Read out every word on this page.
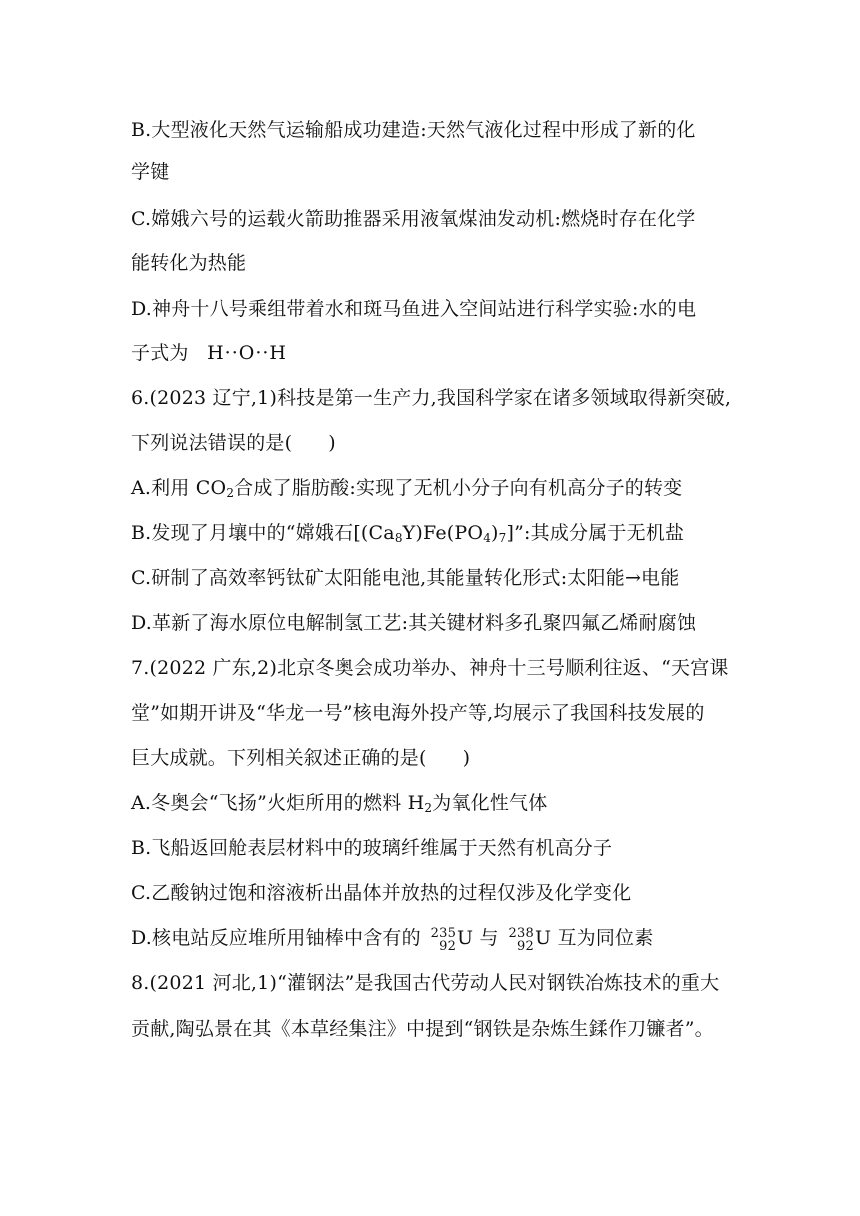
B.大型液化天然气运输船成功建造:天然气液化过程中形成了新的化
学键
C.嫦娥六号的运载火箭助推器采用液氧煤油发动机:燃烧时存在化学
能转化为热能
D.神舟十八号乘组带着水和斑马鱼进入空间站进行科学实验:水的电
子式为 H··O··H
6.(2023 辽宁,1)科技是第一生产力,我国科学家在诸多领域取得新突破,
下列说法错误的是( )
A.利用 $CO_2$合成了脂肪酸:实现了无机小分子向有机高分子的转变
B.发现了月壤中的“嫦娥石$[(Ca_8Y)Fe(PO_4)_7]$”:其成分属于无机盐
C.研制了高效率钙钛矿太阳能电池,其能量转化形式:太阳能→电能
D.革新了海水原位电解制氢工艺:其关键材料多孔聚四氟乙烯耐腐蚀
7.(2022 广东,2)北京冬奥会成功举办、神舟十三号顺利往返、“天宫课
堂”如期开讲及“华龙一号”核电海外投产等,均展示了我国科技发展的
巨大成就。下列相关叙述正确的是( )
A.冬奥会“飞扬”火炬所用的燃料 $H_2$为氧化性气体
B.飞船返回舱表层材料中的玻璃纤维属于天然有机高分子
C.乙酸钠过饱和溶液析出晶体并放热的过程仅涉及化学变化
D.核电站反应堆所用铀棒中含有的 235
92 U 与 238
92 U 互为同位素
8.(2021 河北,1)“灌钢法”是我国古代劳动人民对钢铁冶炼技术的重大
贡献,陶弘景在其《本草经集注》中提到“钢铁是杂炼生鍒作刀镰者”。
